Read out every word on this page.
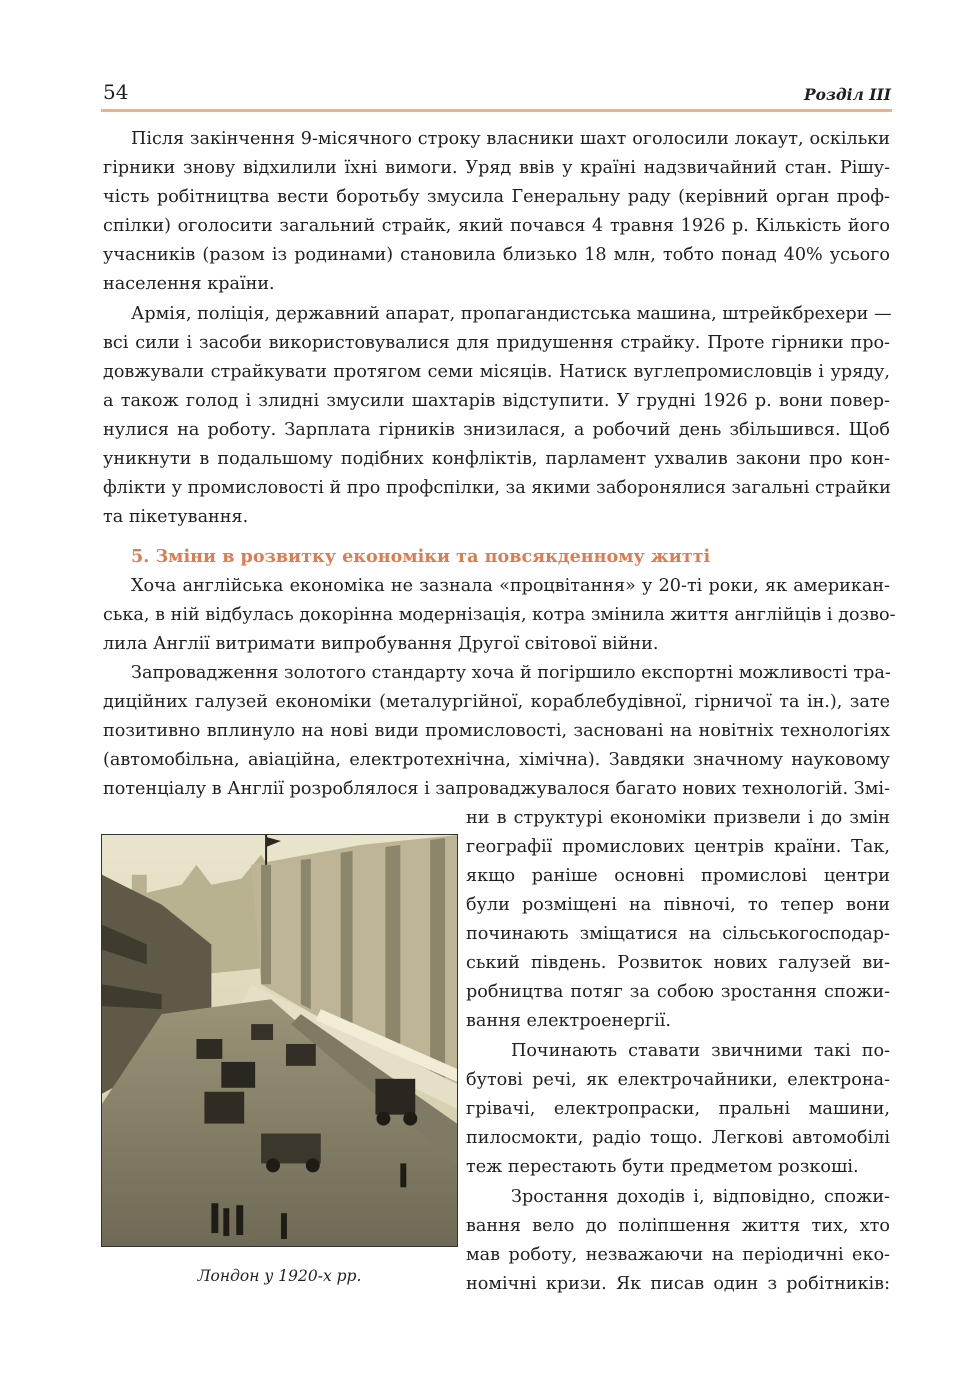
54	Розділ ІІІ
Після закінчення 9-місячного строку власники шахт оголосили локаут, оскільки
гірники знову відхилили їхні вимоги. Уряд ввів у країні надзвичайний стан. Рішу-
чість робітництва вести боротьбу змусила Генеральну раду (керівний орган проф-
спілки) оголосити загальний страйк, який почався 4 травня 1926 р. Кількість його
учасників (разом із родинами) становила близько 18 млн, тобто понад 40% усього
населення країни.
Армія, поліція, державний апарат, пропагандистська машина, штрейкбрехери —
всі сили і засоби використовувалися для придушення страйку. Проте гірники про-
довжували страйкувати протягом семи місяців. Натиск вуглепромисловців і уряду,
а також голод і злидні змусили шахтарів відступити. У грудні 1926 р. вони повер-
нулися на роботу. Зарплата гірників знизилася, а робочий день збільшився. Щоб
уникнути в подальшому подібних конфліктів, парламент ухвалив закони про кон-
флікти у промисловості й про профспілки, за якими заборонялися загальні страйки
та пікетування.
5. Зміни в розвитку економіки та повсякденному житті
Хоча англійська економіка не зазнала «процвітання» у 20-ті роки, як американ-
ська, в ній відбулась докорінна модернізація, котра змінила життя англійців і дозво-
лила Англії витримати випробування Другої світової війни.
Запровадження золотого стандарту хоча й погіршило експортні можливості тра-
диційних галузей економіки (металургійної, кораблебудівної, гірничої та ін.), зате
позитивно вплинуло на нові види промисловості, засновані на новітніх технологіях
(автомобільна, авіаційна, електротехнічна, хімічна). Завдяки значному науковому
потенціалу в Англії розроблялося і запроваджувалося багато нових технологій. Змі-
ни в структурі економіки призвели і до змін
географії промислових центрів країни. Так,
якщо раніше основні промислові центри
були розміщені на півночі, то тепер вони
починають зміщатися на сільськогосподар-
ський південь. Розвиток нових галузей ви-
робництва потяг за собою зростання спожи-
вання електроенергії.
Починають ставати звичними такі по-
бутові речі, як електрочайники, електрона-
грівачі, електропраски, пральні машини,
пилосмокти, радіо тощо. Легкові автомобілі
теж перестають бути предметом розкоші.
Зростання доходів і, відповідно, спожи-
вання вело до поліпшення життя тих, хто
мав роботу, незважаючи на періодичні еко-
номічні кризи. Як писав один з робітників:
Лондон у 1920-х рр.
